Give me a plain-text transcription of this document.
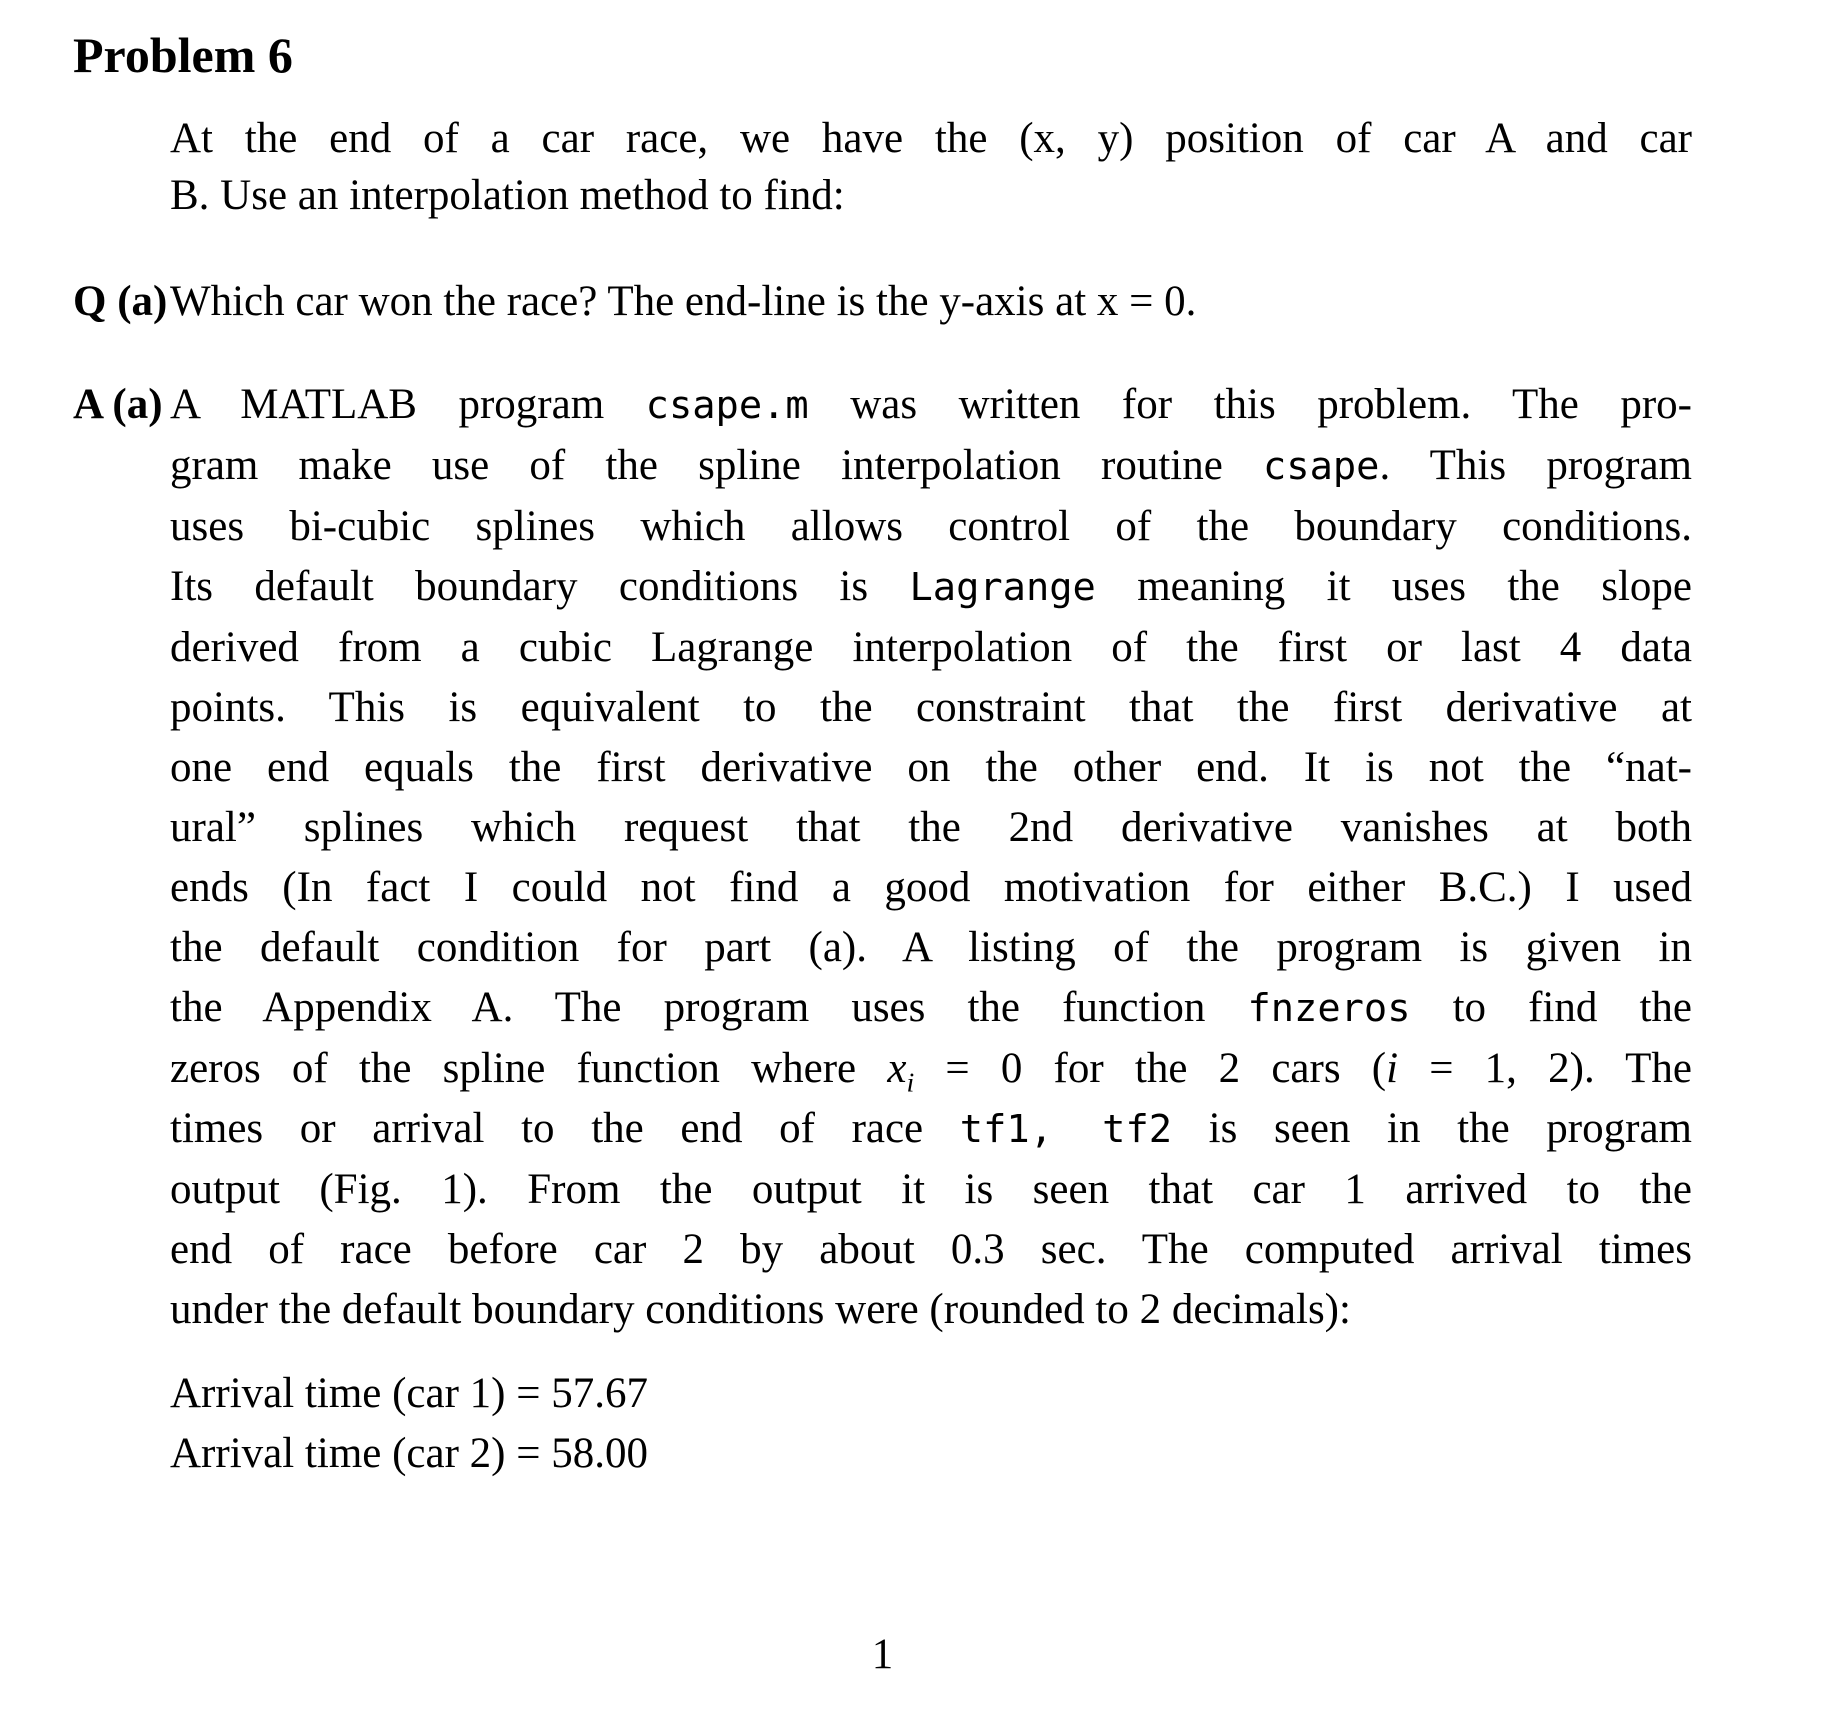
Problem 6
At the end of a car race, we have the (x, y) position of car A and car
B. Use an interpolation method to find:
Q (a) Which car won the race? The end-line is the y-axis at x = 0.
A (a) A MATLAB program csape.m was written for this problem. The pro-
gram make use of the spline interpolation routine csape. This program
uses bi-cubic splines which allows control of the boundary conditions.
Its default boundary conditions is Lagrange meaning it uses the slope
derived from a cubic Lagrange interpolation of the first or last 4 data
points. This is equivalent to the constraint that the first derivative at
one end equals the first derivative on the other end. It is not the “nat-
ural” splines which request that the 2nd derivative vanishes at both
ends (In fact I could not find a good motivation for either B.C.) I used
the default condition for part (a). A listing of the program is given in
the Appendix A. The program uses the function fnzeros to find the
zeros of the spline function where $x_i = 0$ for the 2 cars (i = 1, 2). The
times or arrival to the end of race tf1, tf2 is seen in the program
output (Fig. 1). From the output it is seen that car 1 arrived to the
end of race before car 2 by about 0.3 sec. The computed arrival times
under the default boundary conditions were (rounded to 2 decimals):
Arrival time (car 1) = 57.67
Arrival time (car 2) = 58.00
1
